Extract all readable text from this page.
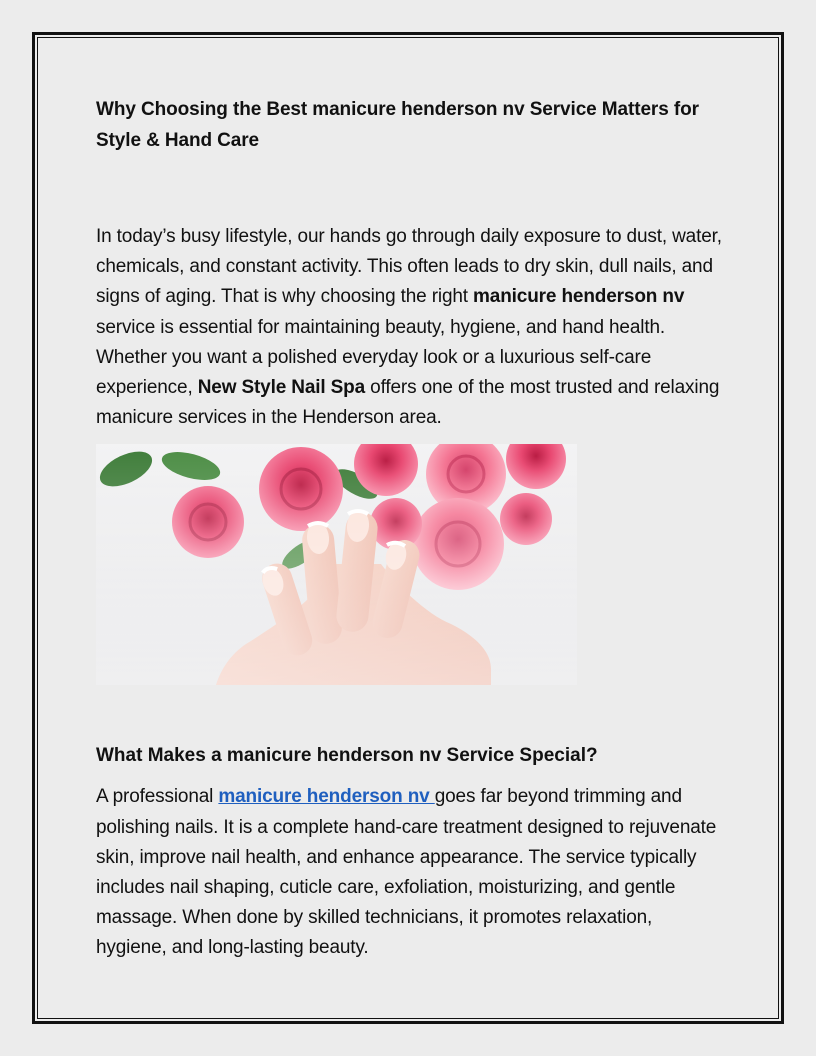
Why Choosing the Best manicure henderson nv Service Matters for Style & Hand Care

In today’s busy lifestyle, our hands go through daily exposure to dust, water, chemicals, and constant activity. This often leads to dry skin, dull nails, and signs of aging. That is why choosing the right manicure henderson nv service is essential for maintaining beauty, hygiene, and hand health. Whether you want a polished everyday look or a luxurious self-care experience, New Style Nail Spa offers one of the most trusted and relaxing manicure services in the Henderson area.

What Makes a manicure henderson nv Service Special?

A professional manicure henderson nv goes far beyond trimming and polishing nails. It is a complete hand-care treatment designed to rejuvenate skin, improve nail health, and enhance appearance. The service typically includes nail shaping, cuticle care, exfoliation, moisturizing, and gentle massage. When done by skilled technicians, it promotes relaxation, hygiene, and long-lasting beauty.
